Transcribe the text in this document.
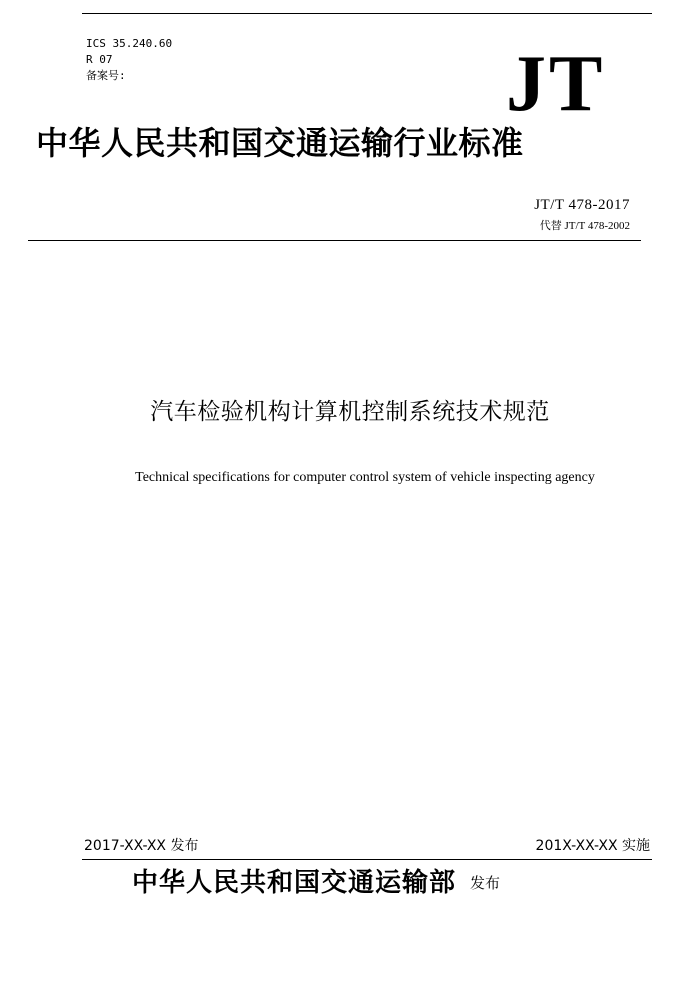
ICS 35.240.60
R 07
备案号:	JT
中华人民共和国交通运输行业标准
JT/T 478-2017
代替 JT/T 478-2002
汽车检验机构计算机控制系统技术规范
Technical specifications for computer control system of vehicle inspecting agency
2017-XX-XX 发布	201X-XX-XX 实施
中华人民共和国交通运输部 发布
